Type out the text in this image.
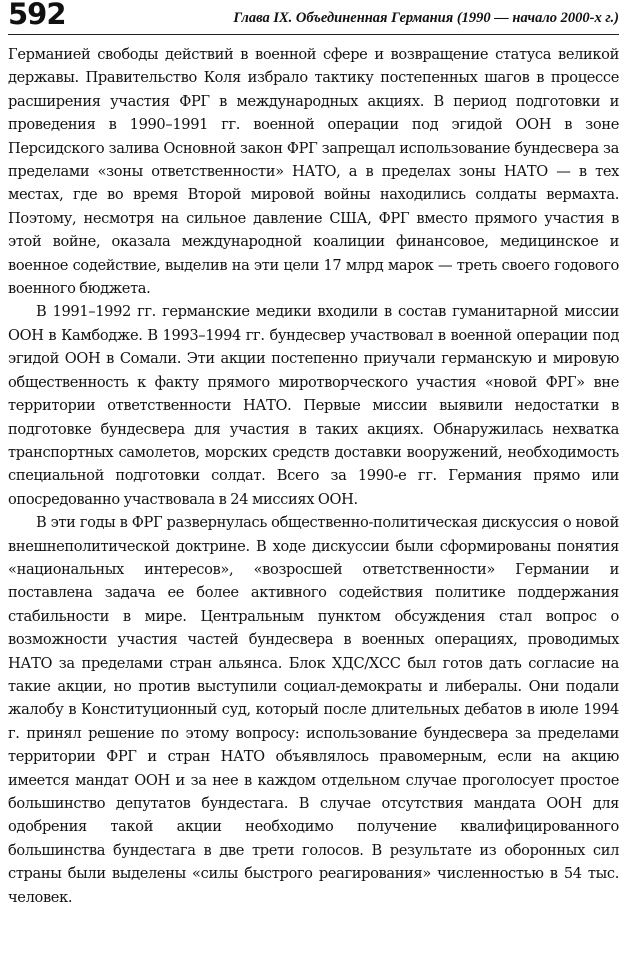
592	Глава IX. Объединенная Германия (1990 — начало 2000-х г.)

Германией свободы действий в военной сфере и возвращение статуса великой державы. Правительство Коля избрало тактику постепенных шагов в процессе расширения участия ФРГ в международных акциях. В период подготовки и проведения в 1990–1991 гг. военной операции под эгидой ООН в зоне Персидского залива Основной закон ФРГ запрещал использование бундесвера за пределами «зоны ответственности» НАТО, а в пределах зоны НАТО — в тех местах, где во время Второй мировой войны находились солдаты вермахта. Поэтому, несмотря на сильное давление США, ФРГ вместо прямого участия в этой войне, оказала международной коалиции финансовое, медицинское и военное содействие, выделив на эти цели 17 млрд марок — треть своего годового военного бюджета.

В 1991–1992 гг. германские медики входили в состав гуманитарной миссии ООН в Камбодже. В 1993–1994 гг. бундесвер участвовал в военной операции под эгидой ООН в Сомали. Эти акции постепенно приучали германскую и мировую общественность к факту прямого миротворческого участия «новой ФРГ» вне территории ответственности НАТО. Первые миссии выявили недостатки в подготовке бундесвера для участия в таких акциях. Обнаружилась нехватка транспортных самолетов, морских средств доставки вооружений, необходимость специальной подготовки солдат. Всего за 1990-е гг. Германия прямо или опосредованно участвовала в 24 миссиях ООН.

В эти годы в ФРГ развернулась общественно-политическая дискуссия о новой внешнеполитической доктрине. В ходе дискуссии были сформированы понятия «национальных интересов», «возросшей ответственности» Германии и поставлена задача ее более активного содействия политике поддержания стабильности в мире. Центральным пунктом обсуждения стал вопрос о возможности участия частей бундесвера в военных операциях, проводимых НАТО за пределами стран альянса. Блок ХДС/ХСС был готов дать согласие на такие акции, но против выступили социал-демократы и либералы. Они подали жалобу в Конституционный суд, который после длительных дебатов в июле 1994 г. принял решение по этому вопросу: использование бундесвера за пределами территории ФРГ и стран НАТО объявлялось правомерным, если на акцию имеется мандат ООН и за нее в каждом отдельном случае проголосует простое большинство депутатов бундестага. В случае отсутствия мандата ООН для одобрения такой акции необходимо получение квалифицированного большинства бундестага в две трети голосов. В результате из оборонных сил страны были выделены «силы быстрого реагирования» численностью в 54 тыс. человек.
